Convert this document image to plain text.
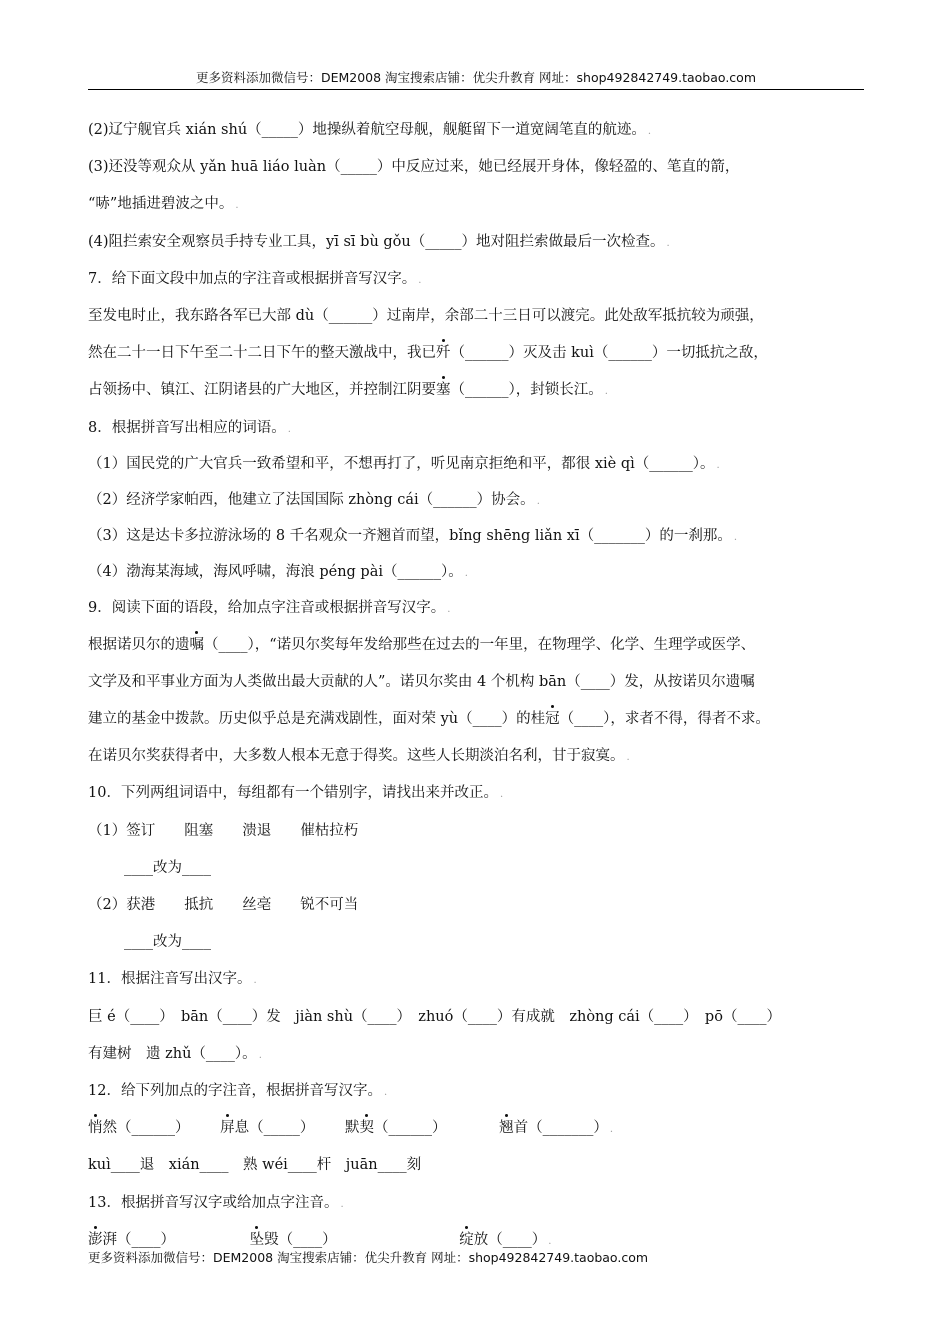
更多资料添加微信号：DEM2008 淘宝搜索店铺：优尖升教育 网址：shop492842749.taobao.com
(2)辽宁舰官兵 xián shú（_____）地操纵着航空母舰，舰艇留下一道宽阔笔直的航迹。 .
(3)还没等观众从 yǎn huā liáo luàn（_____）中反应过来，她已经展开身体，像轻盈的、笔直的箭，
“哧”地插进碧波之中。 .
(4)阻拦索安全观察员手持专业工具，yī sī bù gǒu（_____）地对阻拦索做最后一次检查。 .
7．给下面文段中加点的字注音或根据拼音写汉字。 .
至发电时止，我东路各军已大部 dù（______）过南岸，余部二十三日可以渡完。此处敌军抵抗较为顽强，
然在二十一日下午至二十二日下午的整天激战中，我已歼（______）灭及击 kuì（______）一切抵抗之敌，
占领扬中、镇江、江阴诸县的广大地区，并控制江阴要塞（______），封锁长江。 .
8．根据拼音写出相应的词语。 .
（1）国民党的广大官兵一致希望和平，不想再打了，听见南京拒绝和平，都很 xiè qì（______）。 .
（2）经济学家帕西，他建立了法国国际 zhòng cái（______）协会。 .
（3）这是达卡多拉游泳场的 8 千名观众一齐翘首而望，bǐng shēng liǎn xī（_______）的一刹那。 .
（4）渤海某海域，海风呼啸，海浪 péng pài（______）。 .
9．阅读下面的语段，给加点字注音或根据拼音写汉字。 .
根据诺贝尔的遗嘱（____），“诺贝尔奖每年发给那些在过去的一年里，在物理学、化学、生理学或医学、
文学及和平事业方面为人类做出最大贡献的人”。诺贝尔奖由 4 个机构 bān（____）发，从按诺贝尔遗嘱
建立的基金中拨款。历史似乎总是充满戏剧性，面对荣 yù（____）的桂冠（____），求者不得，得者不求。
在诺贝尔奖获得者中，大多数人根本无意于得奖。这些人长期淡泊名利，甘于寂寞。 .
10．下列两组词语中，每组都有一个错别字，请找出来并改正。 .
（1）签订　　阻塞　　溃退　　催枯拉朽
____改为____
（2）获港　　抵抗　　丝亳　　锐不可当
____改为____
11．根据注音写出汉字。 .
巨 é（____）　bān（____）发　jiàn shù（____）　zhuó（____）有成就　zhòng cái（____）　pō（____）
有建树　遗 zhǔ（____）。 .
12．给下列加点的字注音，根据拼音写汉字。 .
悄然（______） 屏息（_____） 默契（______）	翘首（_______） .
kuì____退　xián____　熟 wéi____杆　juān____刻
13．根据拼音写汉字或给加点字注音。 .
澎湃（____）	坠毁（____）	绽放（____） .
更多资料添加微信号：DEM2008 淘宝搜索店铺：优尖升教育 网址：shop492842749.taobao.com
